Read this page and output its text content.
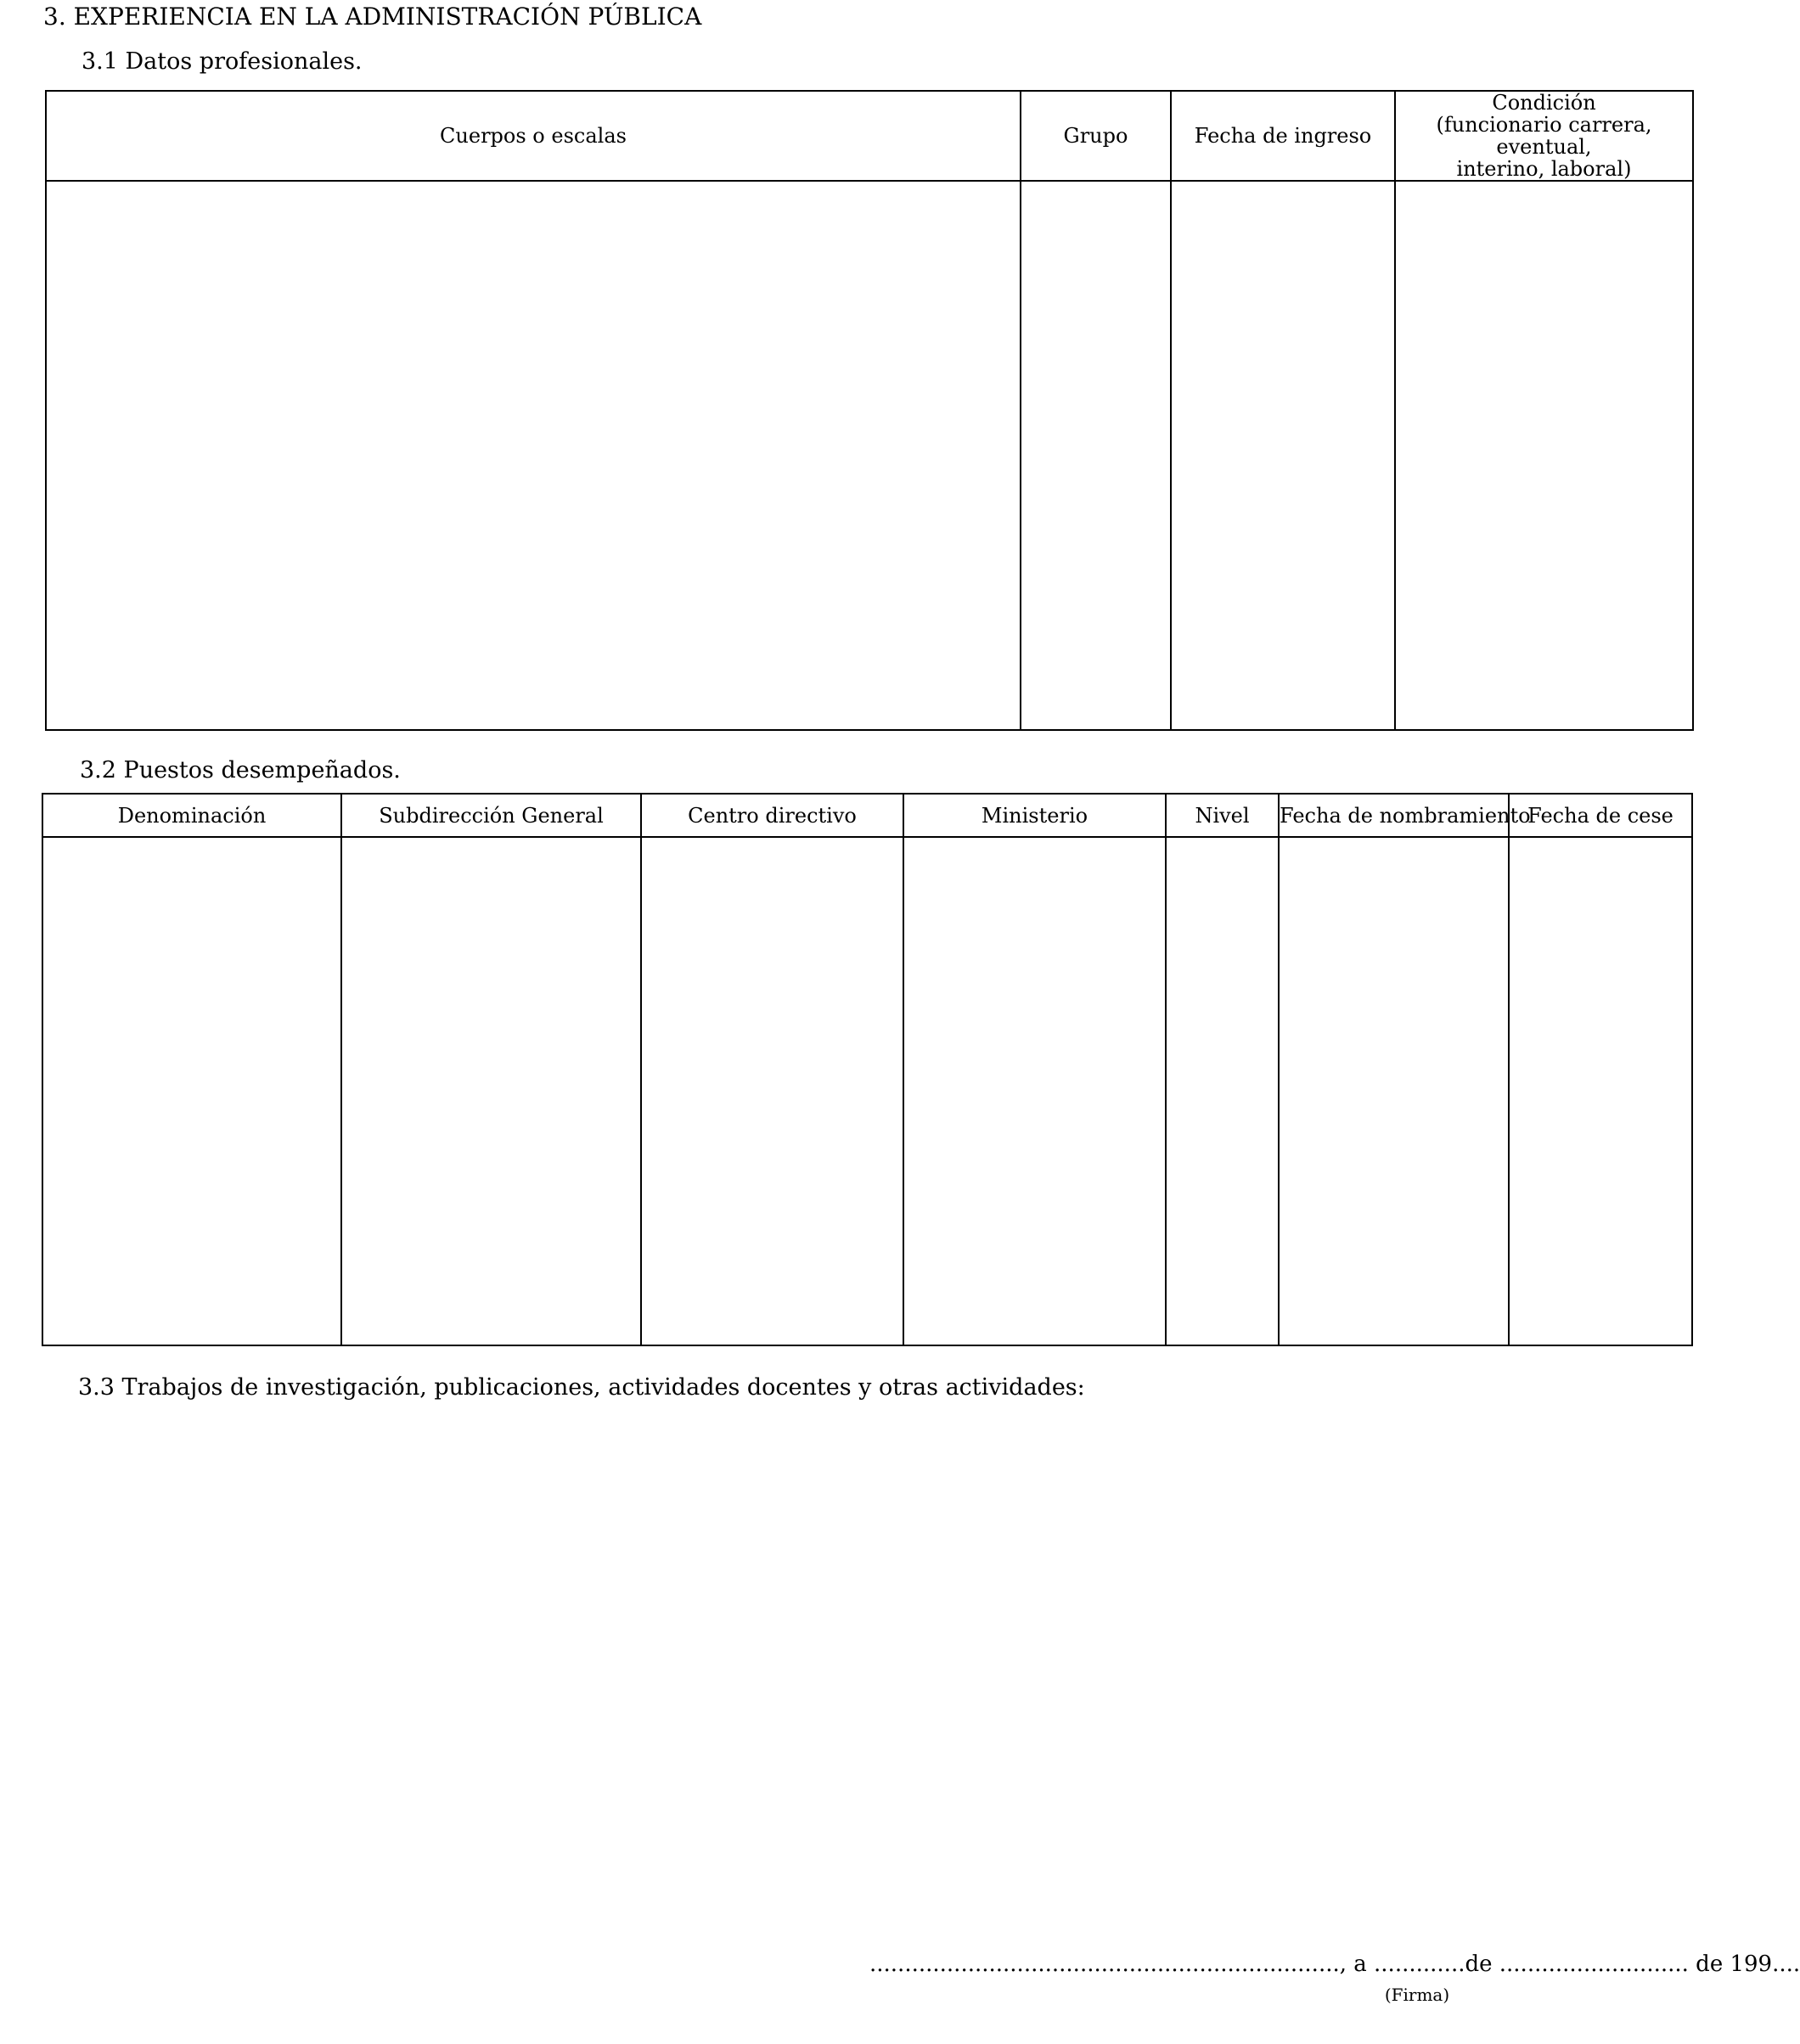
3. EXPERIENCIA EN LA ADMINISTRACIÓN PÚBLICA
3.1 Datos profesionales.
Cuerpos o escalas	Grupo	Fecha de ingreso	Condición
(funcionario carrera, eventual,
interino, laboral)

3.2 Puestos desempeñados.
Denominación	Subdirección General	Centro directivo	Ministerio	Nivel	Fecha de nombramiento	Fecha de cese

3.3 Trabajos de investigación, publicaciones, actividades docentes y otras actividades:
..................................................................., a .............de ........................... de 199....
(Firma)
